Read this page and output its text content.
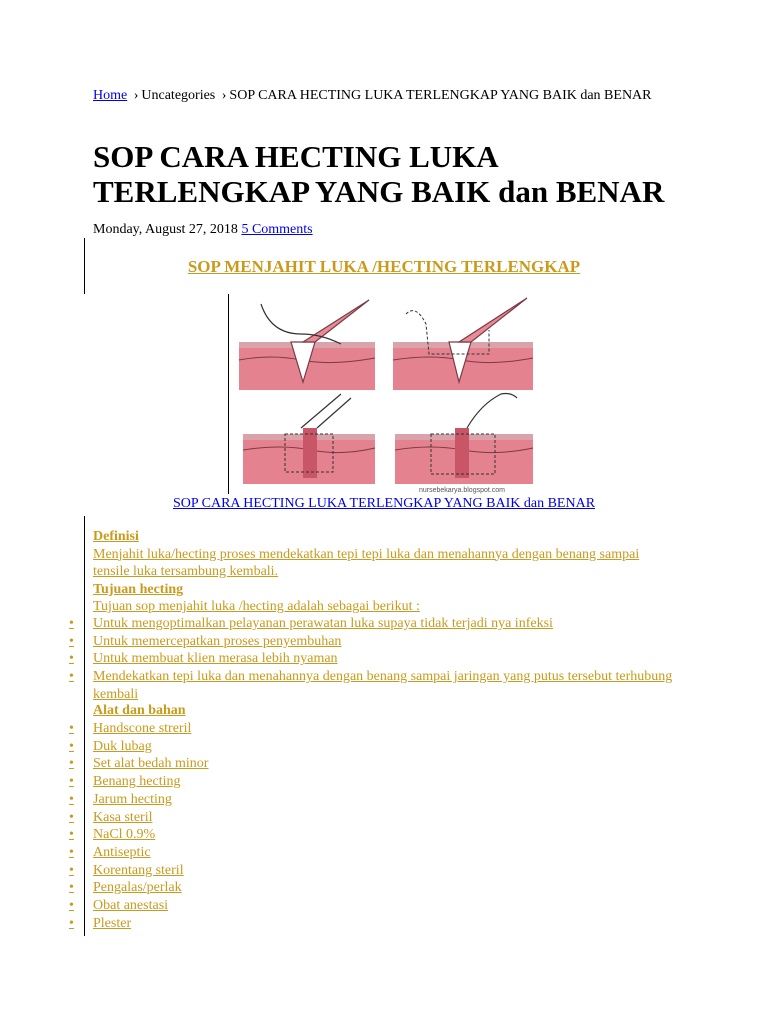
Home › Uncategories › SOP CARA HECTING LUKA TERLENGKAP YANG BAIK dan BENAR
SOP CARA HECTING LUKA TERLENGKAP YANG BAIK dan BENAR
Monday, August 27, 2018 5 Comments
SOP MENJAHIT LUKA /HECTING TERLENGKAP
nursebekarya.blogspot.com
SOP CARA HECTING LUKA TERLENGKAP YANG BAIK dan BENAR
Definisi
Menjahit luka/hecting proses mendekatkan tepi tepi luka dan menahannya dengan benang sampai tensile luka tersambung kembali.
Tujuan hecting
Tujuan sop menjahit luka /hecting adalah sebagai berikut :
• Untuk mengoptimalkan pelayanan perawatan luka supaya tidak terjadi nya infeksi
• Untuk memercepatkan proses penyembuhan
• Untuk membuat klien merasa lebih nyaman
• Mendekatkan tepi luka dan menahannya dengan benang sampai jaringan yang putus tersebut terhubung kembali
Alat dan bahan
• Handscone streril
• Duk lubag
• Set alat bedah minor
• Benang hecting
• Jarum hecting
• Kasa steril
• NaCl 0.9%
• Antiseptic
• Korentang steril
• Pengalas/perlak
• Obat anestasi
• Plester
